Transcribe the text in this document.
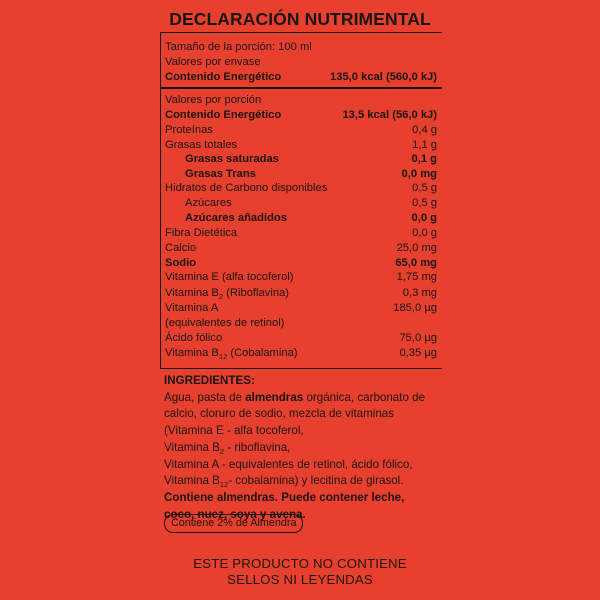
DECLARACIÓN NUTRIMENTAL
Tamaño de la porción: 100 ml
Valores por envase
Contenido Energético	135,0 kcal (560,0 kJ)
Valores por porción
Contenido Energético	13,5 kcal (56,0 kJ)
Proteínas	0,4 g
Grasas totales	1,1 g
Grasas saturadas	0,1 g
Grasas Trans	0,0 mg
Hidratos de Carbono disponibles	0,5 g
Azúcares	0,5 g
Azúcares añadidos	0,0 g
Fibra Dietética	0,0 g
Calcio	25,0 mg
Sodio	65,0 mg
Vitamina E (alfa tocoferol)	1,75 mg
Vitamina $B_2$ (Riboflavina)	0,3 mg
Vitamina A	185,0 µg
(equivalentes de retinol)
Ácido fólico	75,0 µg
Vitamina $B_{12}$ (Cobalamina)	0,35 µg
INGREDIENTES:
Agua, pasta de almendras orgánica, carbonato de
calcio, cloruro de sodio, mezcla de vitaminas
(Vitamina E - alfa tocoferol,
Vitamina $B_2$ - riboflavina,
Vitamina A - equivalentes de retinol, ácido fólico,
Vitamina $B_{12}-$ cobalamina) y lecitina de girasol.
Contiene almendras. Puede contener leche,
coco, nuez, soya y avena.
Contiene 2% de Almendra
ESTE PRODUCTO NO CONTIENE
SELLOS NI LEYENDAS
